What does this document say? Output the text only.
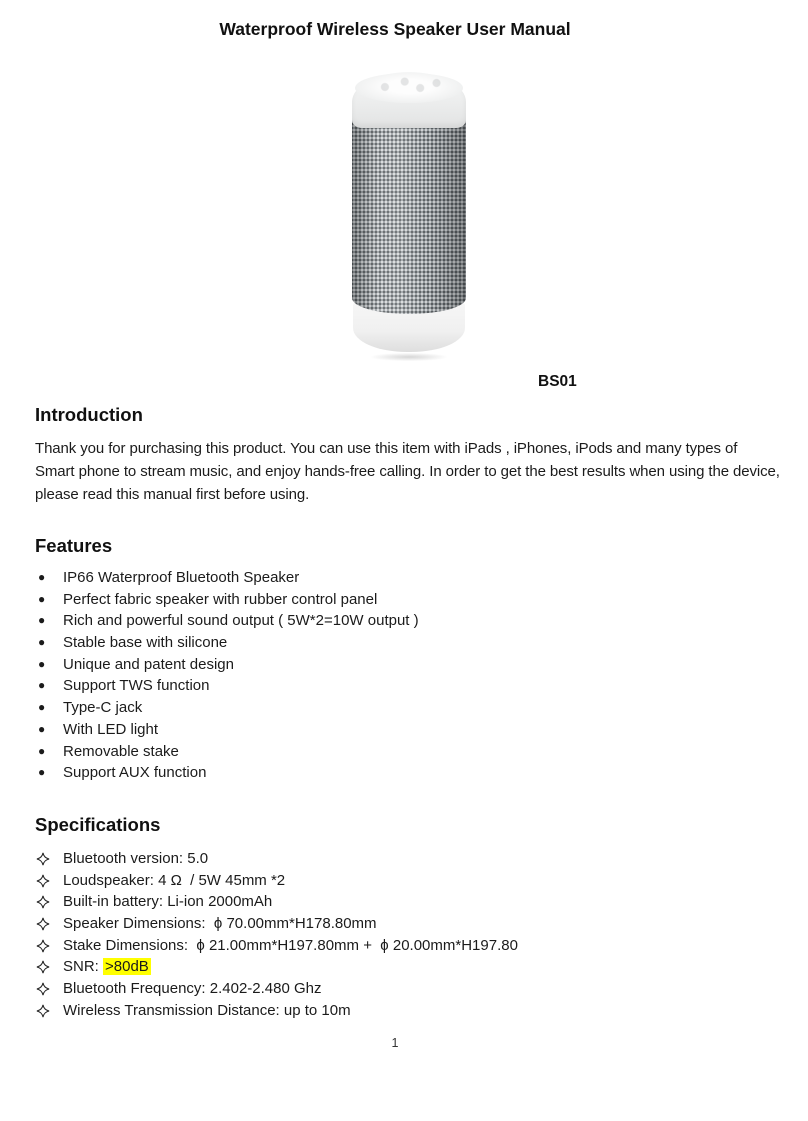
Waterproof Wireless Speaker User Manual
BS01
Introduction

Thank you for purchasing this product. You can use this item with iPads , iPhones, iPods and many types of Smart phone to stream music, and enjoy hands-free calling. In order to get the best results when using the device, please read this manual first before using.

Features
●	IP66 Waterproof Bluetooth Speaker
●	Perfect fabric speaker with rubber control panel
●	Rich and powerful sound output ( 5W*2=10W output )
●	Stable base with silicone
●	Unique and patent design
●	Support TWS function
●	Type-C jack
●	With LED light
●	Removable stake
●	Support AUX function
Specifications
Bluetooth version: 5.0
Loudspeaker: 4 Ω  / 5W 45mm *2
Built-in battery: Li-ion 2000mAh
Speaker Dimensions:  ϕ 70.00mm*H178.80mm
Stake Dimensions:  ϕ 21.00mm*H197.80mm +  ϕ 20.00mm*H197.80
SNR: >80dB
Bluetooth Frequency: 2.402-2.480 Ghz
Wireless Transmission Distance: up to 10m
1
